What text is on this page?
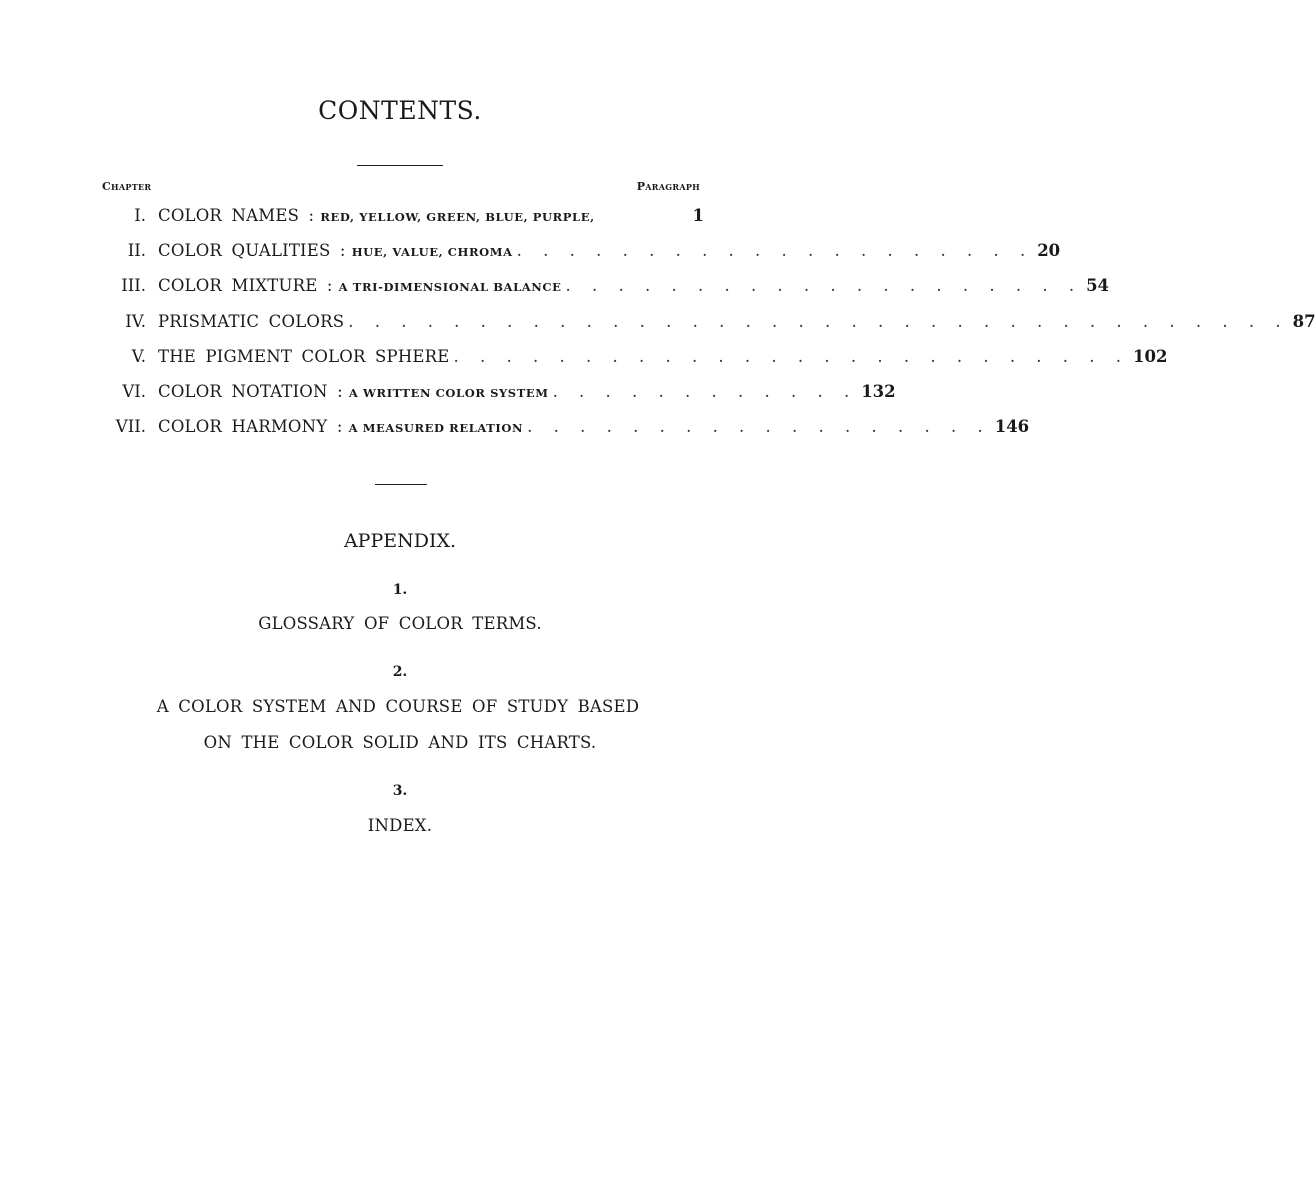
CONTENTS.
Chapter	Paragraph
I. COLOR NAMES : RED, YELLOW, GREEN, BLUE, PURPLE,	1
II. COLOR QUALITIES : HUE, VALUE, CHROMA . . . . . . . . . . . . . . . . . . . . 20
III. COLOR MIXTURE : A TRI-DIMENSIONAL BALANCE . . . . . . . . . . . . . . . . . . . . 54
IV. PRISMATIC COLORS . . . . . . . . . . . . . . . . . . . . . . . . . . . . . . . . . . . . 87
V. THE PIGMENT COLOR SPHERE . . . . . . . . . . . . . . . . . . . . . . . . . . 102
VI. COLOR NOTATION : A WRITTEN COLOR SYSTEM . . . . . . . . . . . . 132
VII. COLOR HARMONY : A MEASURED RELATION . . . . . . . . . . . . . . . . . . 146
APPENDIX.
1.
GLOSSARY OF COLOR TERMS.
2.
A COLOR SYSTEM AND COURSE OF STUDY BASED
ON THE COLOR SOLID AND ITS CHARTS.
3.
INDEX.
